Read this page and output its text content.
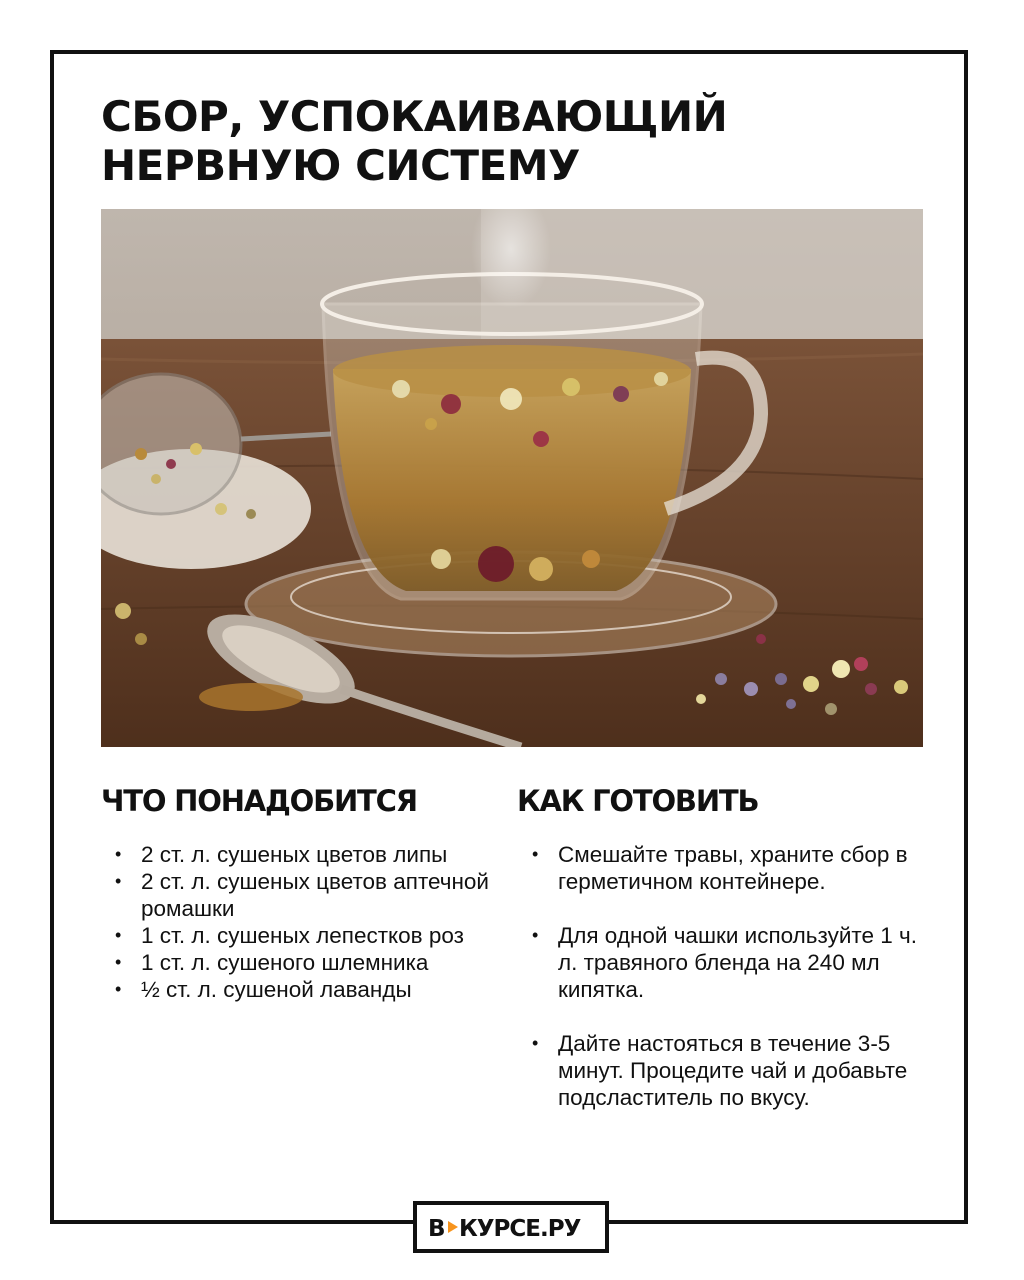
СБОР, УСПОКАИВАЮЩИЙ
НЕРВНУЮ СИСТЕМУ
ЧТО ПОНАДОБИТСЯ	КАК ГОТОВИТЬ
• 2 ст. л. сушеных цветов липы
• 2 ст. л. сушеных цветов аптечной ромашки
• 1 ст. л. сушеных лепестков роз
• 1 ст. л. сушеного шлемника
• ½ ст. л. сушеной лаванды
• Смешайте травы, храните сбор в герметичном контейнере.
• Для одной чашки используйте 1 ч. л. травяного бленда на 240 мл кипятка.
• Дайте настояться в течение 3-5 минут. Процедите чай и добавьте подсластитель по вкусу.
В КУРСЕ.РУ
